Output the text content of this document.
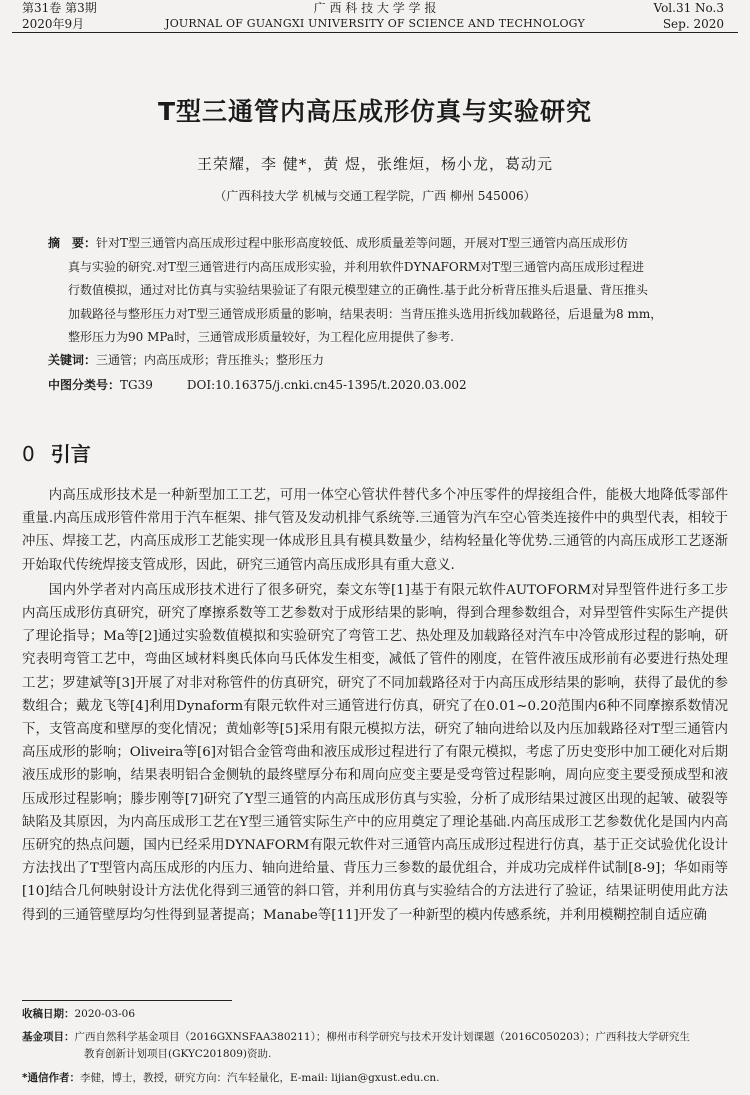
第31卷 第3期
2020年9月
广 西 科 技 大 学 学 报
JOURNAL OF GUANGXI UNIVERSITY OF SCIENCE AND TECHNOLOGY
Vol.31 No.3
Sep. 2020
T型三通管内高压成形仿真与实验研究
王荣耀，李 健*，黄 煜，张维烜，杨小龙，葛动元
（广西科技大学 机械与交通工程学院，广西 柳州 545006）
摘　要：针对T型三通管内高压成形过程中胀形高度较低、成形质量差等问题，开展对T型三通管内高压成形仿
真与实验的研究.对T型三通管进行内高压成形实验，并利用软件DYNAFORM对T型三通管内高压成形过程进
行数值模拟，通过对比仿真与实验结果验证了有限元模型建立的正确性.基于此分析背压推头后退量、背压推头
加载路径与整形压力对T型三通管成形质量的影响，结果表明：当背压推头选用折线加载路径，后退量为8 mm，
整形压力为90 MPa时，三通管成形质量较好，为工程化应用提供了参考.
关键词：三通管；内高压成形；背压推头；整形压力
中图分类号：TG39	DOI:10.16375/j.cnki.cn45-1395/t.2020.03.002
0 引言

内高压成形技术是一种新型加工工艺，可用一体空心管状件替代多个冲压零件的焊接组合件，能极大地降低零部件重量.内高压成形管件常用于汽车框架、排气管及发动机排气系统等.三通管为汽车空心管类连接件中的典型代表，相较于冲压、焊接工艺，内高压成形工艺能实现一体成形且具有模具数量少，结构轻量化等优势.三通管的内高压成形工艺逐渐开始取代传统焊接支管成形，因此，研究三通管内高压成形具有重大意义.

国内外学者对内高压成形技术进行了很多研究，秦文东等[1]基于有限元软件AUTOFORM对异型管件进行多工步内高压成形仿真研究，研究了摩擦系数等工艺参数对于成形结果的影响，得到合理参数组合，对异型管件实际生产提供了理论指导；Ma等[2]通过实验数值模拟和实验研究了弯管工艺、热处理及加载路径对汽车中冷管成形过程的影响，研究表明弯管工艺中，弯曲区域材料奥氏体向马氏体发生相变，减低了管件的刚度，在管件液压成形前有必要进行热处理工艺；罗建斌等[3]开展了对非对称管件的仿真研究，研究了不同加载路径对于内高压成形结果的影响，获得了最优的参数组合；戴龙飞等[4]利用Dynaform有限元软件对三通管进行仿真，研究了在0.01~0.20范围内6种不同摩擦系数情况下，支管高度和壁厚的变化情况；黄灿彰等[5]采用有限元模拟方法，研究了轴向进给以及内压加载路径对T型三通管内高压成形的影响；Oliveira等[6]对铝合金管弯曲和液压成形过程进行了有限元模拟，考虑了历史变形中加工硬化对后期液压成形的影响，结果表明铝合金侧轨的最终壁厚分布和周向应变主要是受弯管过程影响，周向应变主要受预成型和液压成形过程影响；滕步刚等[7]研究了Y型三通管的内高压成形仿真与实验，分析了成形结果过渡区出现的起皱、破裂等缺陷及其原因，为内高压成形工艺在Y型三通管实际生产中的应用奠定了理论基础.内高压成形工艺参数优化是国内内高压研究的热点问题，国内已经采用DYNAFORM有限元软件对三通管内高压成形过程进行仿真，基于正交试验优化设计方法找出了T型管内高压成形的内压力、轴向进给量、背压力三参数的最优组合，并成功完成样件试制[8-9]；华如雨等[10]结合几何映射设计方法优化得到三通管的斜口管，并利用仿真与实验结合的方法进行了验证，结果证明使用此方法得到的三通管壁厚均匀性得到显著提高；Manabe等[11]开发了一种新型的模内传感系统，并利用模糊控制自适应确

收稿日期：2020-03-06
基金项目：广西自然科学基金项目（2016GXNSFAA380211）；柳州市科学研究与技术开发计划课题（2016C050203）；广西科技大学研究生
教育创新计划项目(GKYC201809)资助.
*通信作者：李健，博士，教授，研究方向：汽车轻量化，E-mail: lijian@gxust.edu.cn.
